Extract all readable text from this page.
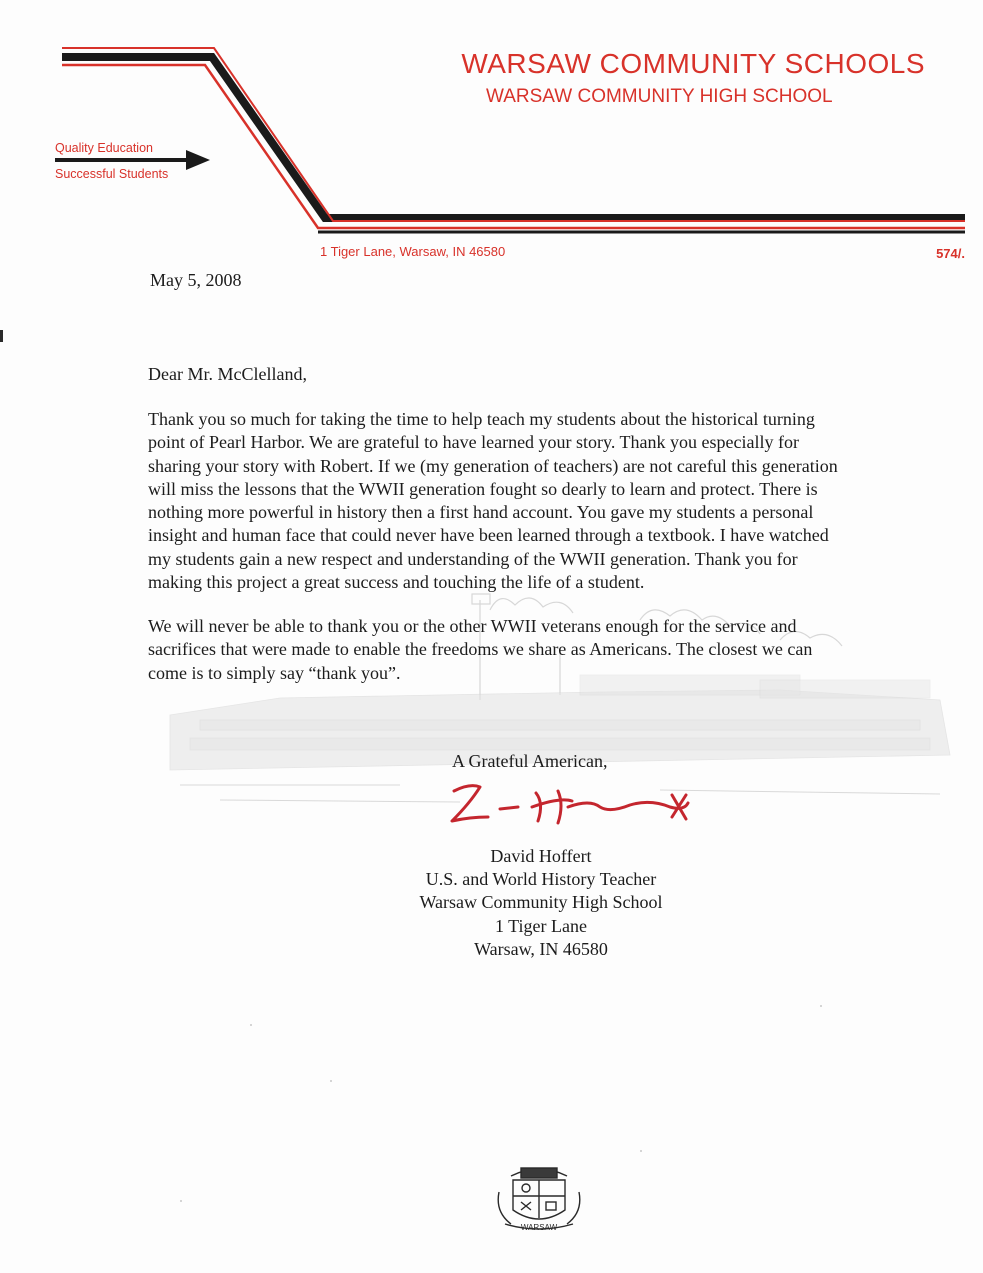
WARSAW COMMUNITY SCHOOLS
WARSAW COMMUNITY HIGH SCHOOL
Quality Education
Successful Students
1 Tiger Lane, Warsaw, IN 46580	574/.
May 5, 2008
Dear Mr. McClelland,

Thank you so much for taking the time to help teach my students about the historical turning
point of Pearl Harbor. We are grateful to have learned your story. Thank you especially for
sharing your story with Robert. If we (my generation of teachers) are not careful this generation
will miss the lessons that the WWII generation fought so dearly to learn and protect. There is
nothing more powerful in history then a first hand account. You gave my students a personal
insight and human face that could never have been learned through a textbook. I have watched
my students gain a new respect and understanding of the WWII generation. Thank you for
making this project a great success and touching the life of a student.

We will never be able to thank you or the other WWII veterans enough for the service and
sacrifices that were made to enable the freedoms we share as Americans. The closest we can
come is to simply say “thank you”.

A Grateful American,
David Hoffert
U.S. and World History Teacher
Warsaw Community High School
1 Tiger Lane
Warsaw, IN 46580
WARSAW
